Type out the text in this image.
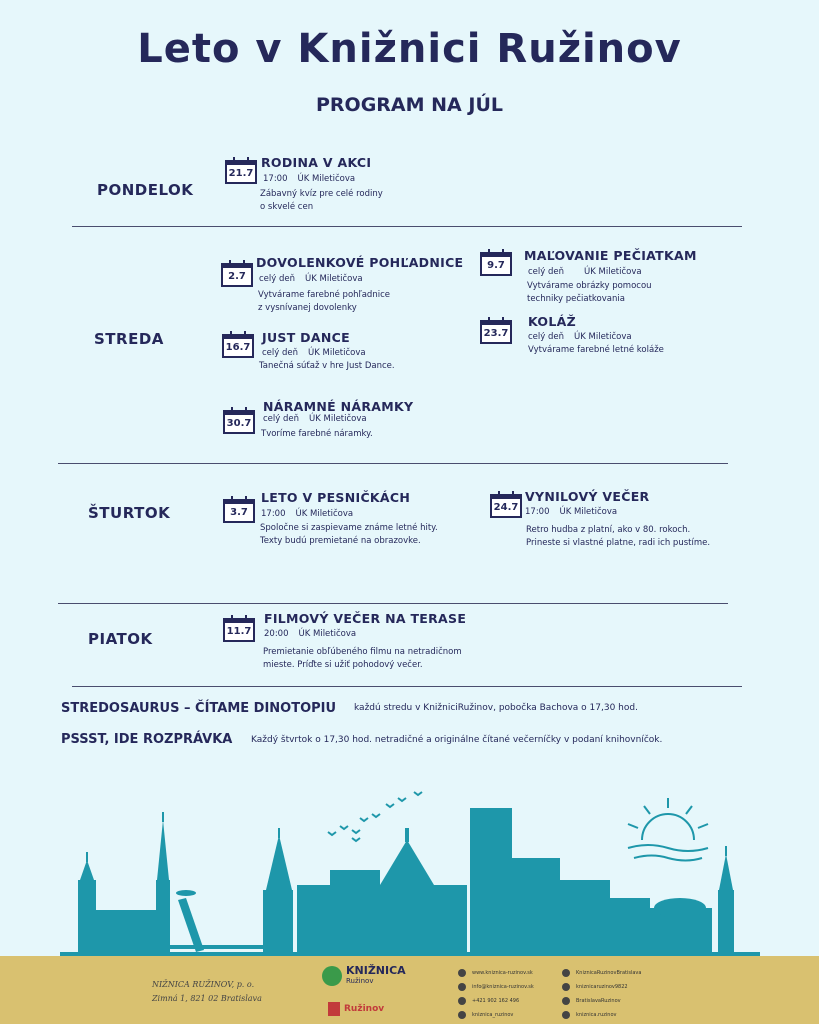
Leto v Knižnici Ružinov
PROGRAM NA JÚL
PONDELOK
STREDA
ŠTURTOK
PIATOK
21.7
RODINA V AKCI
17:00 ÚK Miletičova
Zábavný kvíz pre celé rodiny
o skvelé cen
2.7
DOVOLENKOVÉ POHĽADNICE
celý deň ÚK Miletičova
Vytvárame farebné pohľadnice
z vysnívanej dovolenky
9.7
MAĽOVANIE PEČIATKAM
celý deň ÚK Miletičova
Vytvárame obrázky pomocou
techniky pečiatkovania
16.7
JUST DANCE
celý deň ÚK Miletičova
Tanečná súťaž v hre Just Dance.
23.7
KOLÁŽ
celý deň ÚK Miletičova
Vytvárame farebné letné koláže
30.7
NÁRAMNÉ NÁRAMKY
celý deň ÚK Miletičova
Tvoríme farebné náramky.
3.7
LETO V PESNIČKÁCH
17:00 ÚK Miletičova
Spoločne si zaspievame známe letné hity.
Texty budú premietané na obrazovke.
24.7
VYNILOVÝ VEČER
17:00 ÚK Miletičova
Retro hudba z platní, ako v 80. rokoch.
Prineste si vlastné platne, radi ich pustíme.
11.7
FILMOVÝ VEČER NA TERASE
20:00 ÚK Miletičova
Premietanie obľúbeného filmu na netradičnom
mieste. Príďte si užiť pohodový večer.
STREDOSAURUS – ČÍTAME DINOTOPIU každú stredu v KnižniciRužinov, pobočka Bachova o 17,30 hod.
PSSST, IDE ROZPRÁVKA Každý štvrtok o 17,30 hod. netradičné a originálne čítané večerníčky v podaní knihovníčok.
NIŽNICA RUŽINOV, p. o.
Zimná 1, 821 02 Bratislava
KNIŽNICA
Ružinov
Ružinov
www.kniznica-ruzinov.sk
info@kniznica-ruzinov.sk
+421 902 162 496
kniznica_ruzinov
KniznicaRuzinovBratislava
kniznicaruzinov9822
BratislavaRuzinov
kniznica.ruzinov
